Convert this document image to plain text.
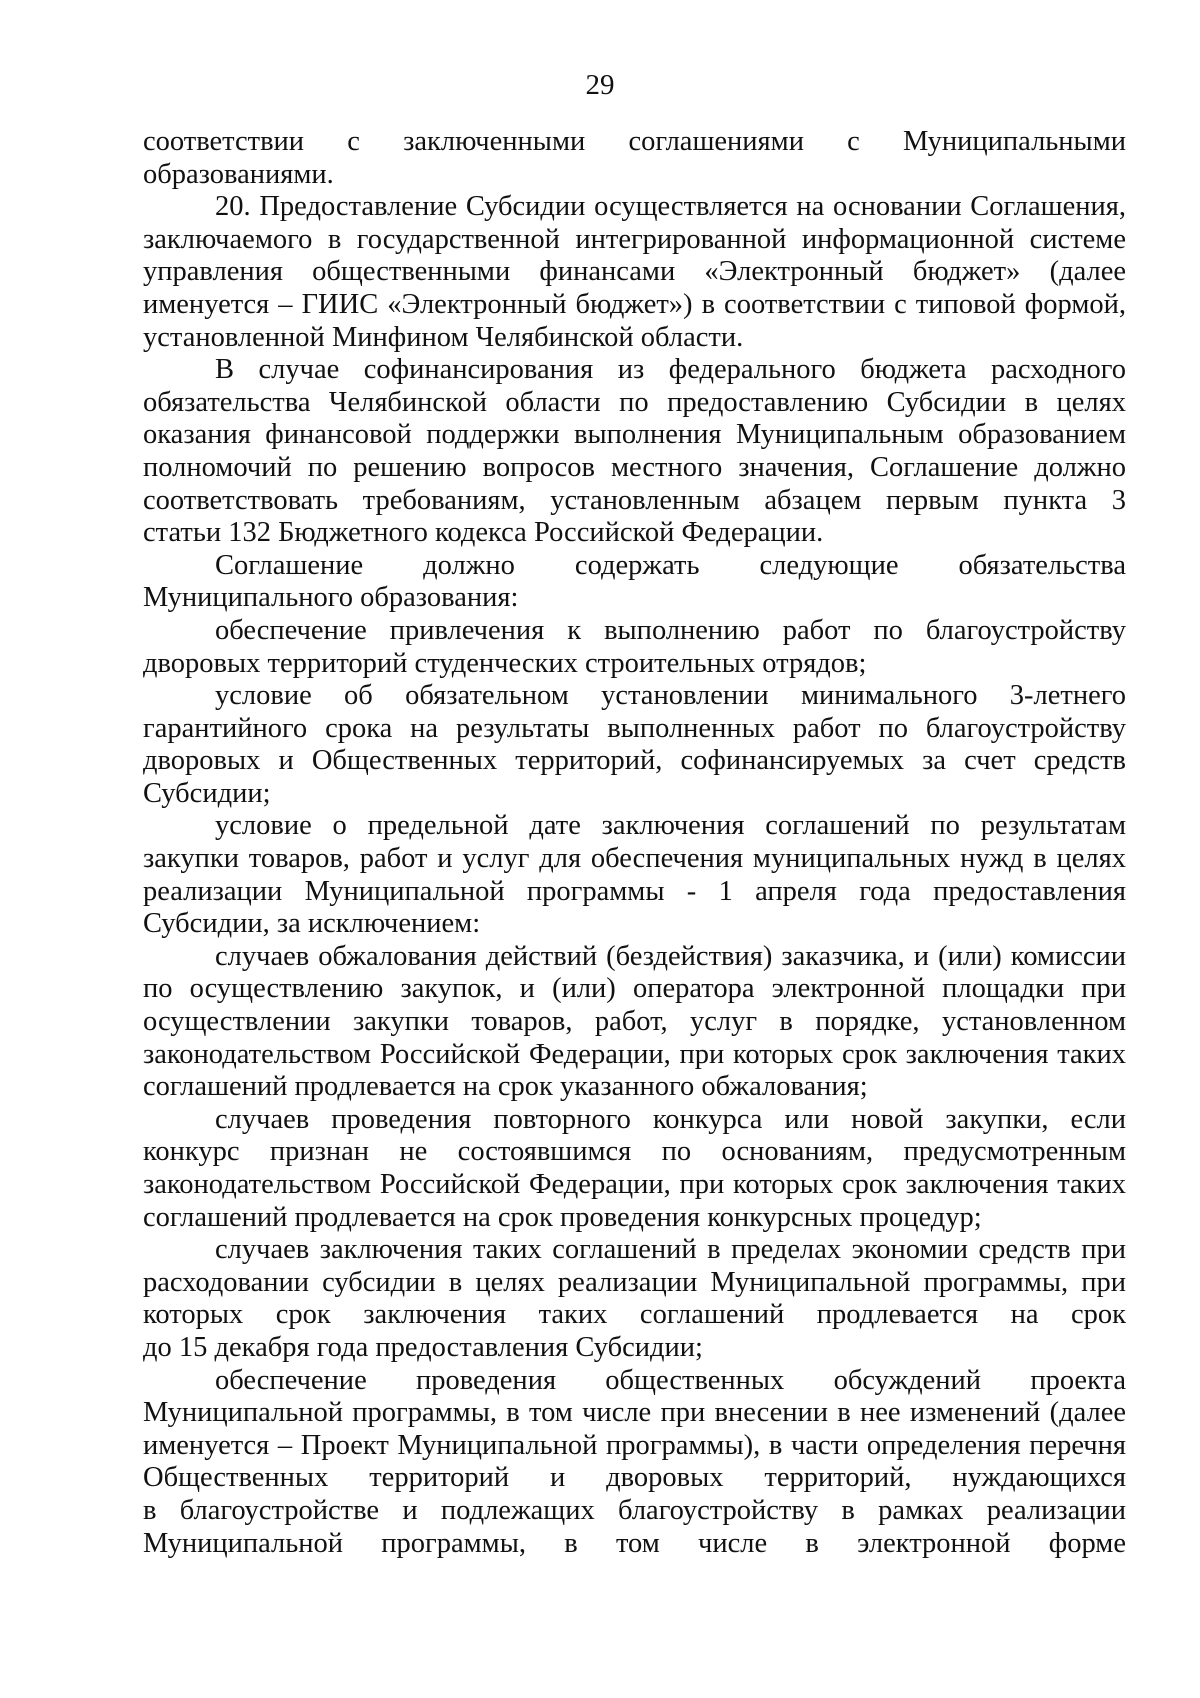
29
соответствии с заключенными соглашениями с Муниципальными
образованиями.
20. Предоставление Субсидии осуществляется на основании Соглашения,
заключаемого в государственной интегрированной информационной системе
управления общественными финансами «Электронный бюджет» (далее
именуется – ГИИС «Электронный бюджет») в соответствии с типовой формой,
установленной Минфином Челябинской области.
В случае софинансирования из федерального бюджета расходного
обязательства Челябинской области по предоставлению Субсидии в целях
оказания финансовой поддержки выполнения Муниципальным образованием
полномочий по решению вопросов местного значения, Соглашение должно
соответствовать требованиям, установленным абзацем первым пункта 3
статьи 132 Бюджетного кодекса Российской Федерации.
Соглашение должно содержать следующие обязательства
Муниципального образования:
обеспечение привлечения к выполнению работ по благоустройству
дворовых территорий студенческих строительных отрядов;
условие об обязательном установлении минимального 3-летнего
гарантийного срока на результаты выполненных работ по благоустройству
дворовых и Общественных территорий, софинансируемых за счет средств
Субсидии;
условие о предельной дате заключения соглашений по результатам
закупки товаров, работ и услуг для обеспечения муниципальных нужд в целях
реализации Муниципальной программы - 1 апреля года предоставления
Субсидии, за исключением:
случаев обжалования действий (бездействия) заказчика, и (или) комиссии
по осуществлению закупок, и (или) оператора электронной площадки при
осуществлении закупки товаров, работ, услуг в порядке, установленном
законодательством Российской Федерации, при которых срок заключения таких
соглашений продлевается на срок указанного обжалования;
случаев проведения повторного конкурса или новой закупки, если
конкурс признан не состоявшимся по основаниям, предусмотренным
законодательством Российской Федерации, при которых срок заключения таких
соглашений продлевается на срок проведения конкурсных процедур;
случаев заключения таких соглашений в пределах экономии средств при
расходовании субсидии в целях реализации Муниципальной программы, при
которых срок заключения таких соглашений продлевается на срок
до 15 декабря года предоставления Субсидии;
обеспечение проведения общественных обсуждений проекта
Муниципальной программы, в том числе при внесении в нее изменений (далее
именуется – Проект Муниципальной программы), в части определения перечня
Общественных территорий и дворовых территорий, нуждающихся
в благоустройстве и подлежащих благоустройству в рамках реализации
Муниципальной программы, в том числе в электронной форме
